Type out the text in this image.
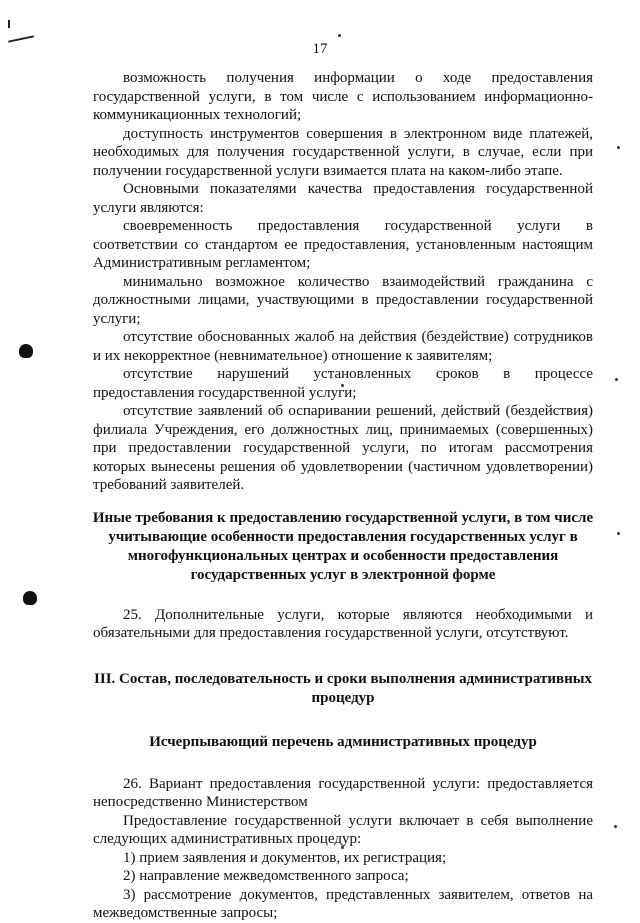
17

возможность получения информации о ходе предоставления государственной услуги, в том числе с использованием информационно-коммуникационных технологий;

доступность инструментов совершения в электронном виде платежей, необходимых для получения государственной услуги, в случае, если при получении государственной услуги взимается плата на каком-либо этапе.

Основными показателями качества предоставления государственной услуги являются:

своевременность предоставления государственной услуги в соответствии со стандартом ее предоставления, установленным настоящим Административным регламентом;

минимально возможное количество взаимодействий гражданина с должностными лицами, участвующими в предоставлении государственной услуги;

отсутствие обоснованных жалоб на действия (бездействие) сотрудников и их некорректное (невнимательное) отношение к заявителям;

отсутствие нарушений установленных сроков в процессе предоставления государственной услуги;

отсутствие заявлений об оспаривании решений, действий (бездействия) филиала Учреждения, его должностных лиц, принимаемых (совершенных) при предоставлении государственной услуги, по итогам рассмотрения которых вынесены решения об удовлетворении (частичном удовлетворении) требований заявителей.

Иные требования к предоставлению государственной услуги, в том числе учитывающие особенности предоставления государственных услуг в многофункциональных центрах и особенности предоставления государственных услуг в электронной форме

25. Дополнительные услуги, которые являются необходимыми и обязательными для предоставления государственной услуги, отсутствуют.

III. Состав, последовательность и сроки выполнения административных процедур

Исчерпывающий перечень административных процедур

26. Вариант предоставления государственной услуги: предоставляется непосредственно Министерством

Предоставление государственной услуги включает в себя выполнение следующих административных процедур:

1) прием заявления и документов, их регистрация;

2) направление межведомственного запроса;

3) рассмотрение документов, представленных заявителем, ответов на межведомственные запросы;
